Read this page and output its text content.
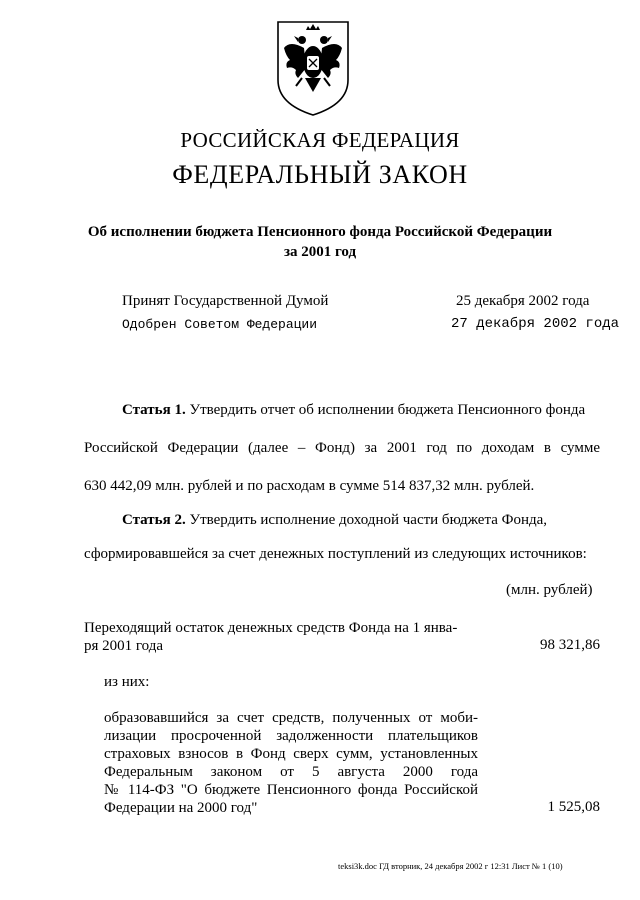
РОССИЙСКАЯ ФЕДЕРАЦИЯ
ФЕДЕРАЛЬНЫЙ ЗАКОН
Об исполнении бюджета Пенсионного фонда Российской Федерации
за 2001 год
Принят Государственной Думой	25 декабря 2002 года
Одобрен Советом Федерации	27 декабря 2002 года
Статья 1. Утвердить отчет об исполнении бюджета Пенсионного фонда
Российской Федерации (далее – Фонд) за 2001 год по доходам в сумме
630 442,09 млн. рублей и по расходам в сумме 514 837,32 млн. рублей.
Статья 2. Утвердить исполнение доходной части бюджета Фонда,
сформировавшейся за счет денежных поступлений из следующих источников:
(млн. рублей)
Переходящий остаток денежных средств Фонда на 1 янва-
ря 2001 года	98 321,86
из них:
образовавшийся за счет средств, полученных от моби-
лизации просроченной задолженности плательщиков
страховых взносов в Фонд сверх сумм, установленных
Федеральным законом от 5 августа 2000 года
№ 114-ФЗ "О бюджете Пенсионного фонда Российской
Федерации на 2000 год"	1 525,08
teksi3k.doc ГД вторник, 24 декабря 2002 г 12:31 Лист № 1 (10)
